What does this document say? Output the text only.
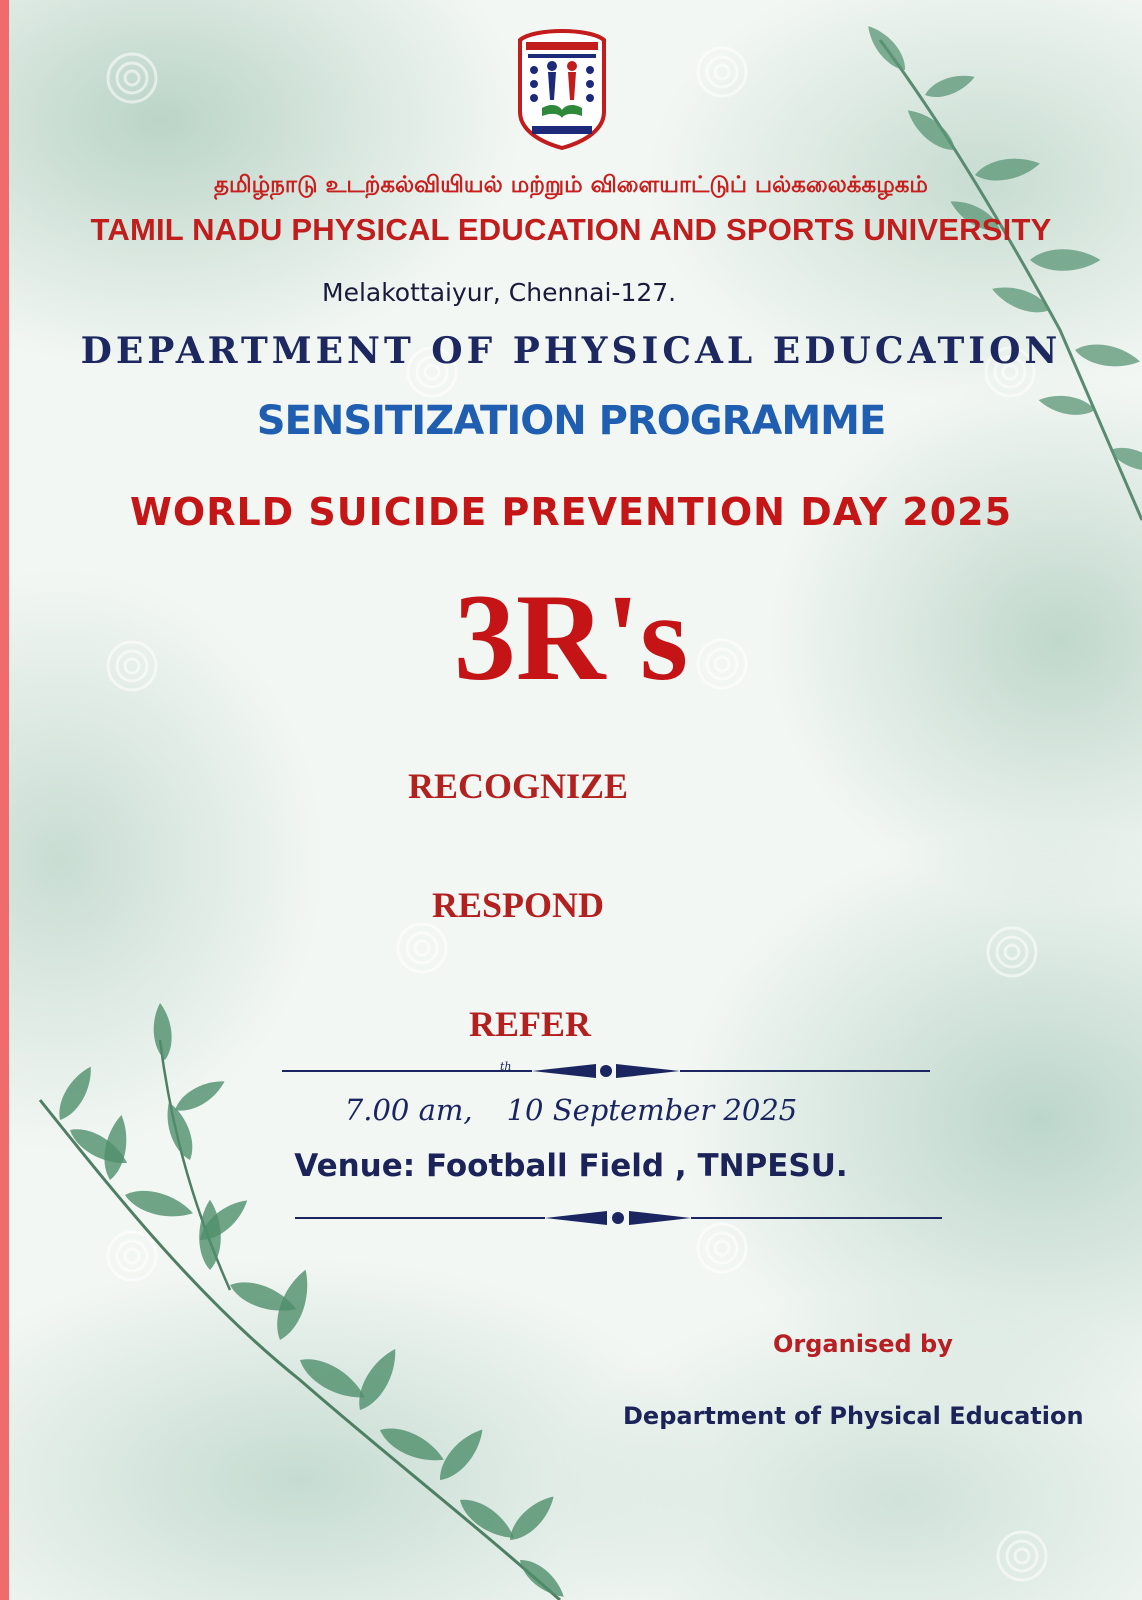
தமிழ்நாடு உடற்கல்வியியல் மற்றும் விளையாட்டுப் பல்கலைக்கழகம்

TAMIL NADU PHYSICAL EDUCATION AND SPORTS UNIVERSITY

Melakottaiyur, Chennai-127.

DEPARTMENT OF PHYSICAL EDUCATION

SENSITIZATION PROGRAMME

WORLD SUICIDE PREVENTION DAY 2025

3R's

RECOGNIZE

RESPOND

REFER

th

7.00 am, 10 September 2025

Venue: Football Field , TNPESU.

Organised by

Department of Physical Education
